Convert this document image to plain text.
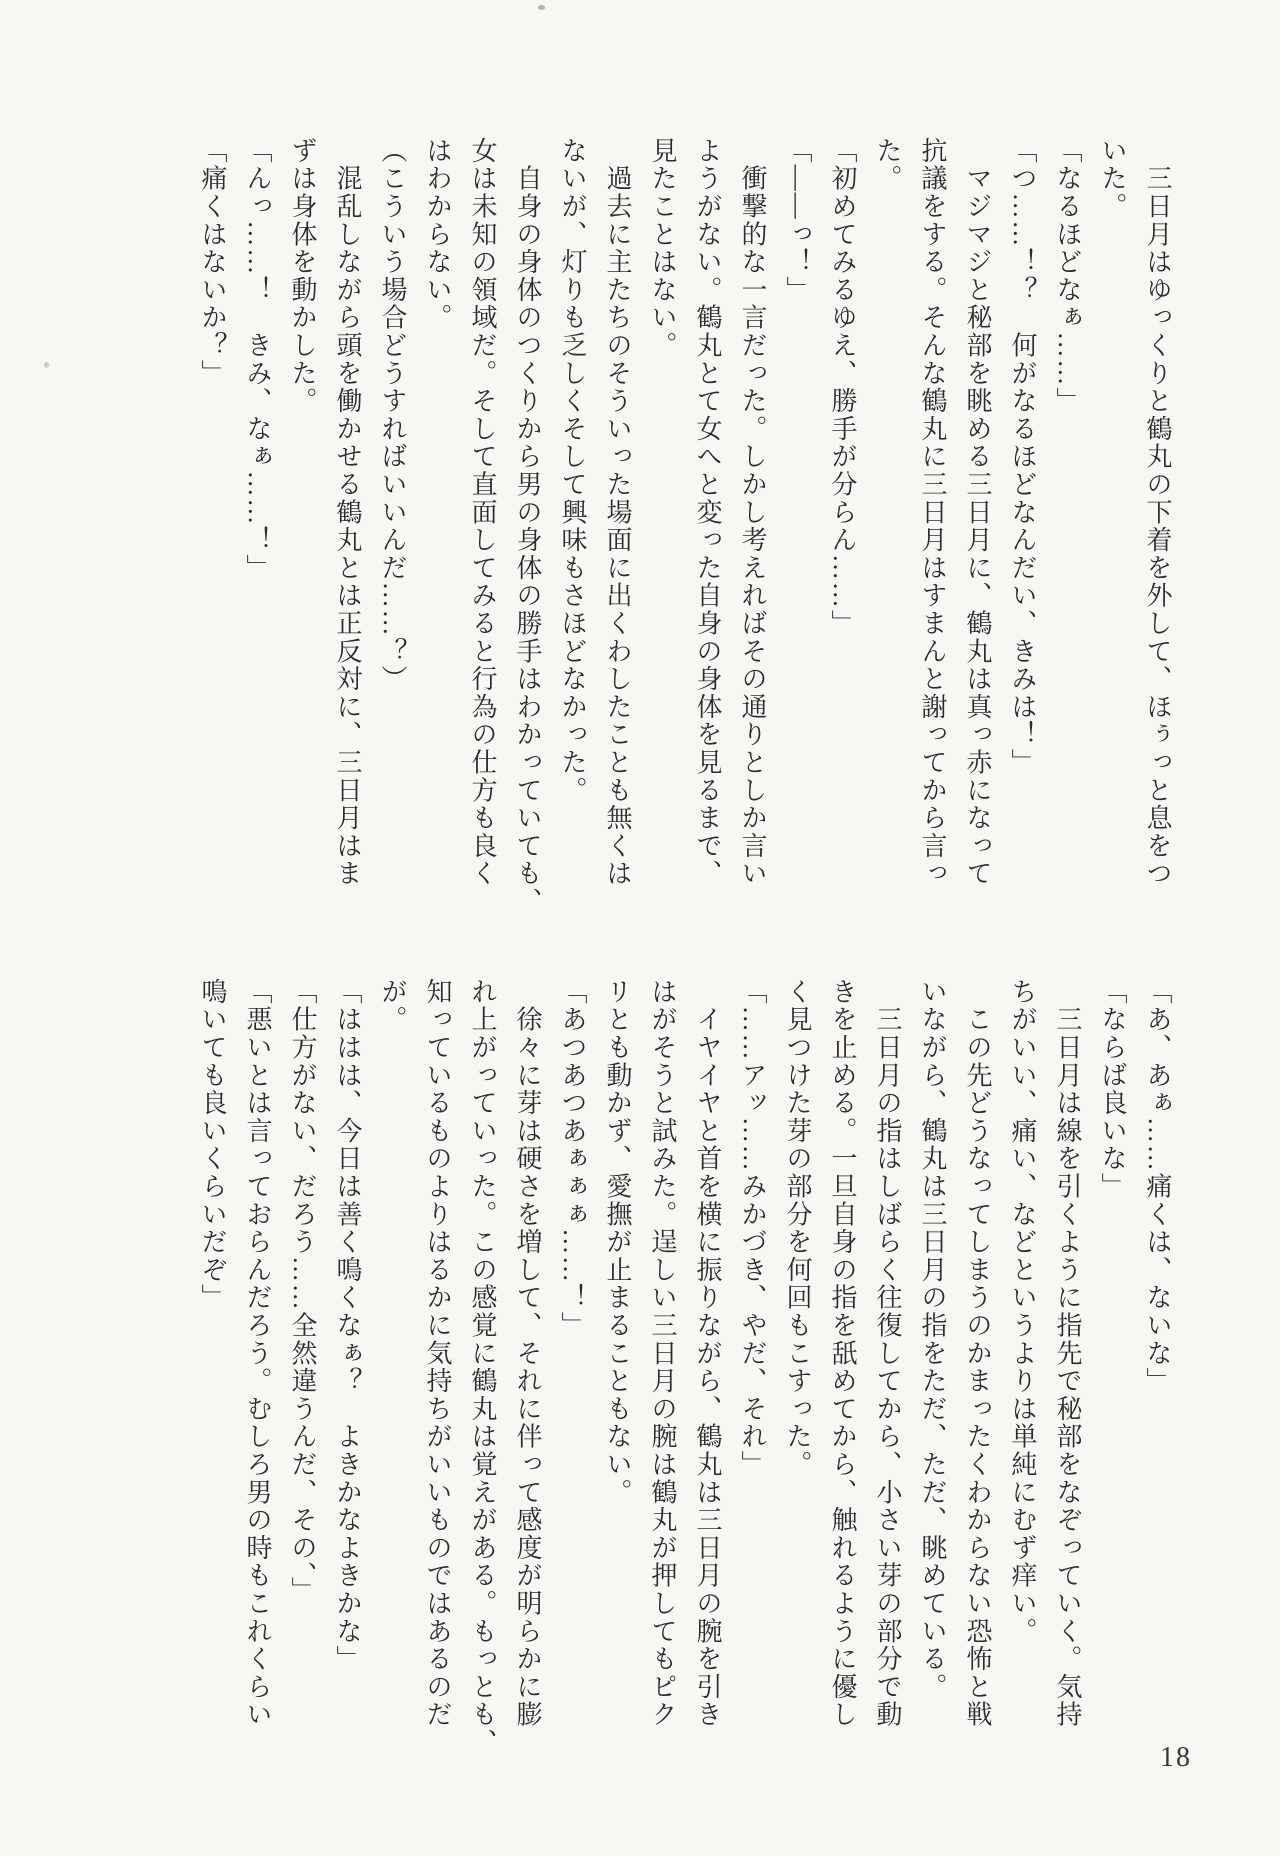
　三日月はゆっくりと鶴丸の下着を外して、ほぅっと息をつ

いた。

「なるほどなぁ……」

「つ……！？　何がなるほどなんだい、きみは！」

　マジマジと秘部を眺める三日月に、鶴丸は真っ赤になって

抗議をする。そんな鶴丸に三日月はすまんと謝ってから言っ

た。

「初めてみるゆえ、勝手が分らん……」

「――っ！」

　衝撃的な一言だった。しかし考えればその通りとしか言い

ようがない。鶴丸とて女へと変った自身の身体を見るまで、

見たことはない。

　過去に主たちのそういった場面に出くわしたことも無くは

ないが、灯りも乏しくそして興味もさほどなかった。

　自身の身体のつくりから男の身体の勝手はわかっていても、

女は未知の領域だ。そして直面してみると行為の仕方も良く

はわからない。

（こういう場合どうすればいいんだ……？）

　混乱しながら頭を働かせる鶴丸とは正反対に、三日月はま

ずは身体を動かした。

「んっ……！　きみ、なぁ……！」

「痛くはないか？」

「あ、あぁ……痛くは、ないな」

「ならば良いな」

　三日月は線を引くように指先で秘部をなぞっていく。気持

ちがいい、痛い、などというよりは単純にむず痒い。

　この先どうなってしまうのかまったくわからない恐怖と戦

いながら、鶴丸は三日月の指をただ、ただ、眺めている。

　三日月の指はしばらく往復してから、小さい芽の部分で動

きを止める。一旦自身の指を舐めてから、触れるように優し

く見つけた芽の部分を何回もこすった。

「……アッ……みかづき、やだ、それ」

　イヤイヤと首を横に振りながら、鶴丸は三日月の腕を引き

はがそうと試みた。逞しい三日月の腕は鶴丸が押してもピク

リとも動かず、愛撫が止まることもない。

「あつあつあぁぁぁ……！」

　徐々に芽は硬さを増して、それに伴って感度が明らかに膨

れ上がっていった。この感覚に鶴丸は覚えがある。もっとも、

知っているものよりはるかに気持ちがいいものではあるのだ

が。

「ははは、今日は善く鳴くなぁ？　よきかなよきかな」

「仕方がない、だろう……全然違うんだ、その、」

「悪いとは言っておらんだろう。むしろ男の時もこれくらい

鳴いても良いくらいだぞ」

18
